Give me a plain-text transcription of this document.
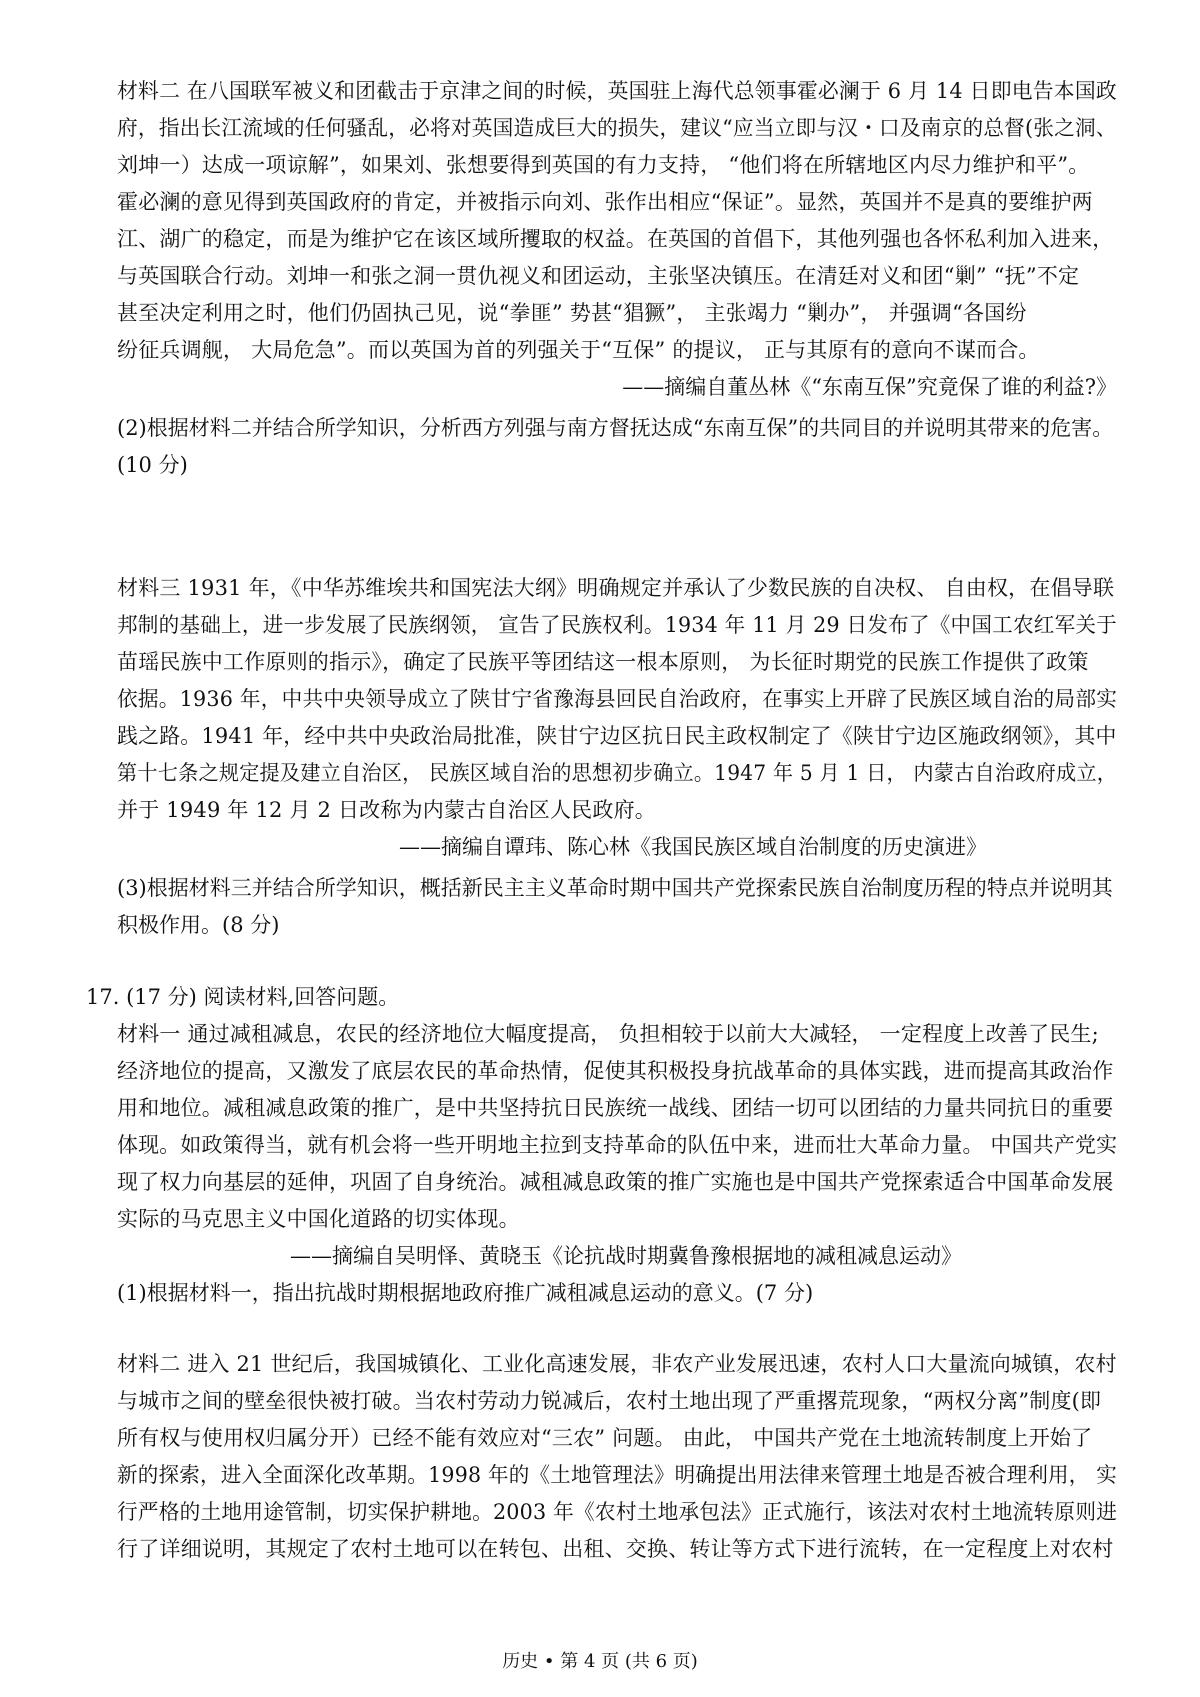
材料二 在八国联军被义和团截击于京津之间的时候，英国驻上海代总领事霍必澜于 6 月 14 日即电告本国政
府，指出长江流域的任何骚乱，必将对英国造成巨大的损失，建议“应当立即与汉・口及南京的总督(张之洞、
刘坤一）达成一项谅解”，如果刘、张想要得到英国的有力支持， “他们将在所辖地区内尽力维护和平”。
霍必澜的意见得到英国政府的肯定，并被指示向刘、张作出相应“保证”。显然，英国并不是真的要维护两
江、湖广的稳定，而是为维护它在该区域所攫取的权益。在英国的首倡下，其他列强也各怀私利加入进来，
与英国联合行动。刘坤一和张之洞一贯仇视义和团运动，主张坚决镇压。在清廷对义和团“剿” “抚”不定
甚至决定利用之时，他们仍固执己见，说“拳匪” 势甚“猖獗”， 主张竭力 “剿办”， 并强调“各国纷
纷征兵调舰， 大局危急”。而以英国为首的列强关于“互保” 的提议， 正与其原有的意向不谋而合。
——摘编自董丛林《“东南互保”究竟保了谁的利益?》
(2)根据材料二并结合所学知识，分析西方列强与南方督抚达成“东南互保”的共同目的并说明其带来的危害。
(10 分)
材料三 1931 年，《中华苏维埃共和国宪法大纲》明确规定并承认了少数民族的自决权、 自由权，在倡导联
邦制的基础上，进一步发展了民族纲领， 宣告了民族权利。1934 年 11 月 29 日发布了《中国工农红军关于
苗瑶民族中工作原则的指示》，确定了民族平等团结这一根本原则， 为长征时期党的民族工作提供了政策
依据。1936 年，中共中央领导成立了陕甘宁省豫海县回民自治政府，在事实上开辟了民族区域自治的局部实
践之路。1941 年，经中共中央政治局批准，陕甘宁边区抗日民主政权制定了《陕甘宁边区施政纲领》，其中
第十七条之规定提及建立自治区， 民族区域自治的思想初步确立。1947 年 5 月 1 日， 内蒙古自治政府成立，
并于 1949 年 12 月 2 日改称为内蒙古自治区人民政府。
——摘编自谭玮、陈心林《我国民族区域自治制度的历史演进》
(3)根据材料三并结合所学知识，概括新民主主义革命时期中国共产党探索民族自治制度历程的特点并说明其
积极作用。(8 分)
17. (17 分) 阅读材料,回答问题。
材料一 通过减租减息，农民的经济地位大幅度提高， 负担相较于以前大大减轻， 一定程度上改善了民生;
经济地位的提高，又激发了底层农民的革命热情，促使其积极投身抗战革命的具体实践，进而提高其政治作
用和地位。减租减息政策的推广，是中共坚持抗日民族统一战线、团结一切可以团结的力量共同抗日的重要
体现。如政策得当，就有机会将一些开明地主拉到支持革命的队伍中来，进而壮大革命力量。 中国共产党实
现了权力向基层的延伸，巩固了自身统治。减租减息政策的推广实施也是中国共产党探索适合中国革命发展
实际的马克思主义中国化道路的切实体现。
——摘编自吴明怿、黄晓玉《论抗战时期冀鲁豫根据地的减租减息运动》
(1)根据材料一，指出抗战时期根据地政府推广减租减息运动的意义。(7 分)
材料二 进入 21 世纪后，我国城镇化、工业化高速发展，非农产业发展迅速，农村人口大量流向城镇，农村
与城市之间的壁垒很快被打破。当农村劳动力锐减后，农村土地出现了严重撂荒现象，“两权分离”制度(即
所有权与使用权归属分开）已经不能有效应对“三农” 问题。 由此， 中国共产党在土地流转制度上开始了
新的探索，进入全面深化改革期。1998 年的《土地管理法》明确提出用法律来管理土地是否被合理利用， 实
行严格的土地用途管制，切实保护耕地。2003 年《农村土地承包法》正式施行，该法对农村土地流转原则进
行了详细说明，其规定了农村土地可以在转包、出租、交换、转让等方式下进行流转，在一定程度上对农村
历史 • 第 4 页 (共 6 页)
